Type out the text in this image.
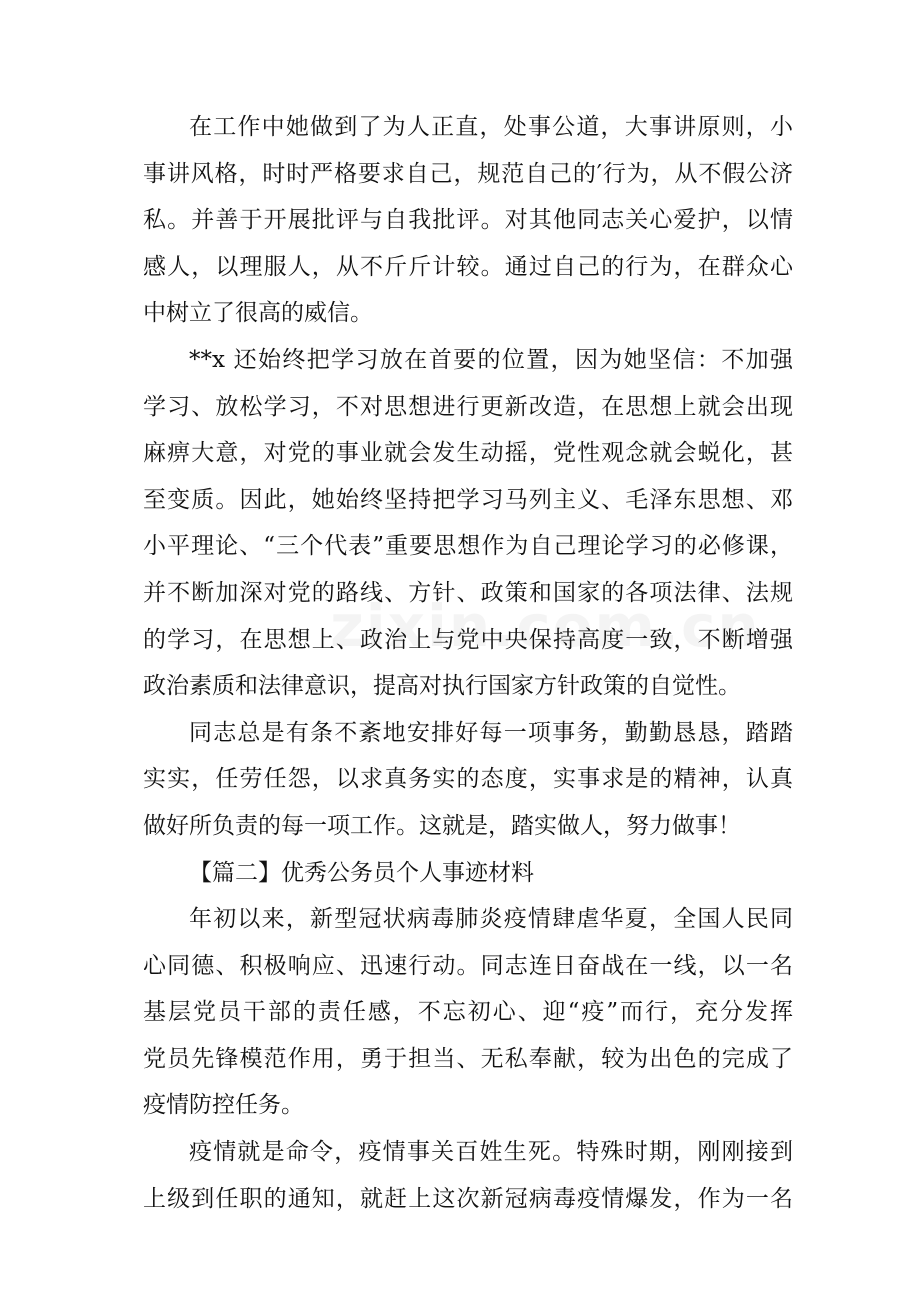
在工作中她做到了为人正直，处事公道，大事讲原则，小
事讲风格，时时严格要求自己，规范自己的′行为，从不假公济
私。并善于开展批评与自我批评。对其他同志关心爱护，以情
感人，以理服人，从不斤斤计较。通过自己的行为，在群众心
中树立了很高的威信。
**x 还始终把学习放在首要的位置，因为她坚信：不加强
学习、放松学习，不对思想进行更新改造，在思想上就会出现
麻痹大意，对党的事业就会发生动摇，党性观念就会蜕化，甚
至变质。因此，她始终坚持把学习马列主义、毛泽东思想、邓
小平理论、“三个代表”重要思想作为自己理论学习的必修课，
并不断加深对党的路线、方针、政策和国家的各项法律、法规
的学习，在思想上、政治上与党中央保持高度一致，不断增强
政治素质和法律意识，提高对执行国家方针政策的自觉性。
同志总是有条不紊地安排好每一项事务，勤勤恳恳，踏踏
实实，任劳任怨，以求真务实的态度，实事求是的精神，认真
做好所负责的每一项工作。这就是，踏实做人，努力做事！
【篇二】优秀公务员个人事迹材料
年初以来，新型冠状病毒肺炎疫情肆虐华夏，全国人民同
心同德、积极响应、迅速行动。同志连日奋战在一线，以一名
基层党员干部的责任感，不忘初心、迎“疫”而行，充分发挥
党员先锋模范作用，勇于担当、无私奉献，较为出色的完成了
疫情防控任务。
疫情就是命令，疫情事关百姓生死。特殊时期，刚刚接到
上级到任职的通知，就赶上这次新冠病毒疫情爆发，作为一名
